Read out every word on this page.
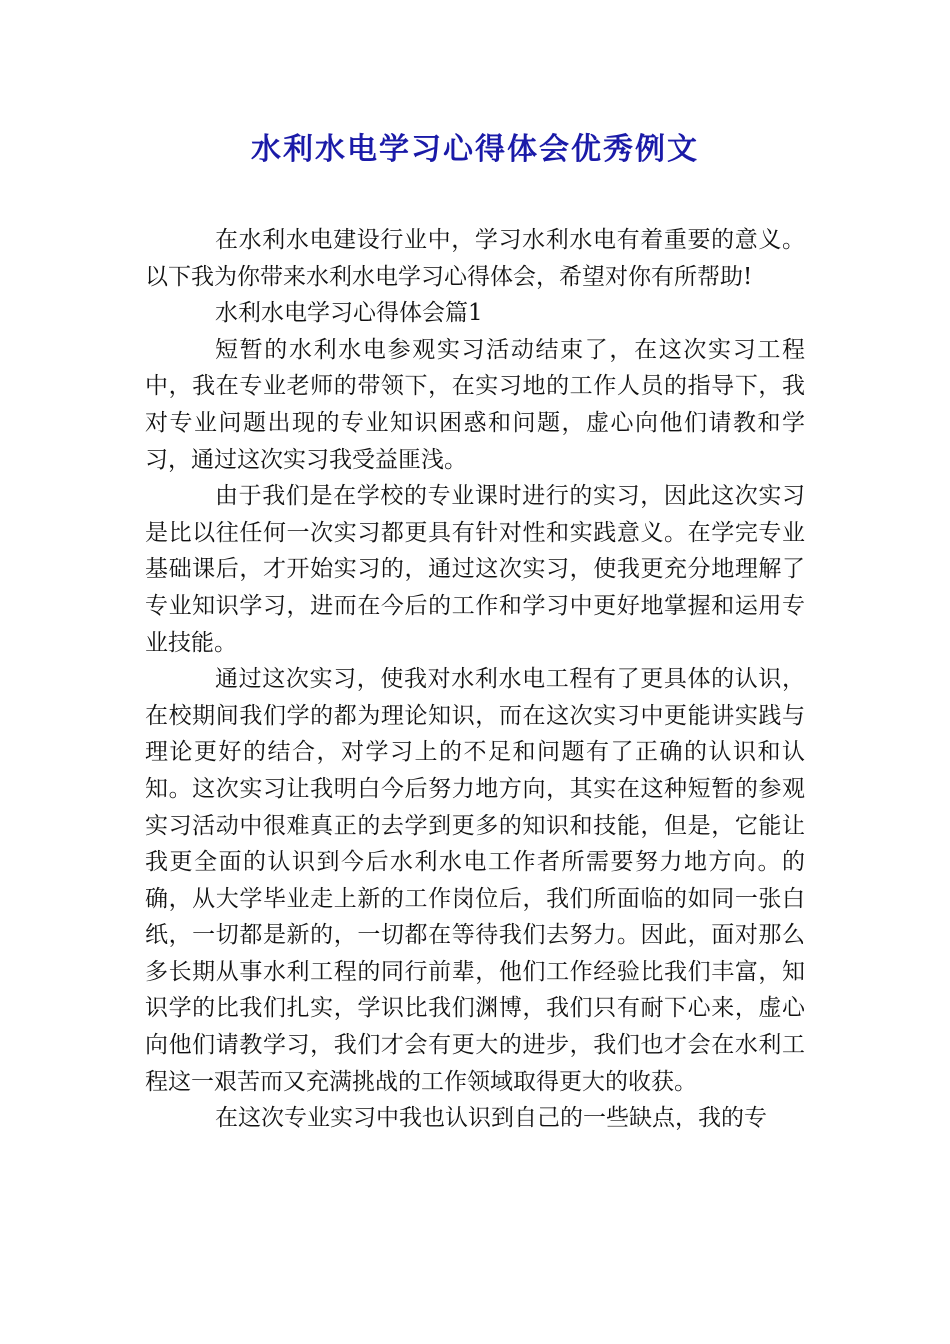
水利水电学习心得体会优秀例文

在水利水电建设行业中，学习水利水电有着重要的意义。以下我为你带来水利水电学习心得体会，希望对你有所帮助!

水利水电学习心得体会篇1

短暂的水利水电参观实习活动结束了，在这次实习工程中，我在专业老师的带领下，在实习地的工作人员的指导下，我对专业问题出现的专业知识困惑和问题，虚心向他们请教和学习，通过这次实习我受益匪浅。

由于我们是在学校的专业课时进行的实习，因此这次实习是比以往任何一次实习都更具有针对性和实践意义。在学完专业基础课后，才开始实习的，通过这次实习，使我更充分地理解了专业知识学习，进而在今后的工作和学习中更好地掌握和运用专业技能。

通过这次实习，使我对水利水电工程有了更具体的认识，在校期间我们学的都为理论知识，而在这次实习中更能讲实践与理论更好的结合，对学习上的不足和问题有了正确的认识和认知。这次实习让我明白今后努力地方向，其实在这种短暂的参观实习活动中很难真正的去学到更多的知识和技能，但是，它能让我更全面的认识到今后水利水电工作者所需要努力地方向。的确，从大学毕业走上新的工作岗位后，我们所面临的如同一张白纸，一切都是新的，一切都在等待我们去努力。因此，面对那么多长期从事水利工程的同行前辈，他们工作经验比我们丰富，知识学的比我们扎实，学识比我们渊博，我们只有耐下心来，虚心向他们请教学习，我们才会有更大的进步，我们也才会在水利工程这一艰苦而又充满挑战的工作领域取得更大的收获。

在这次专业实习中我也认识到自己的一些缺点，我的专
